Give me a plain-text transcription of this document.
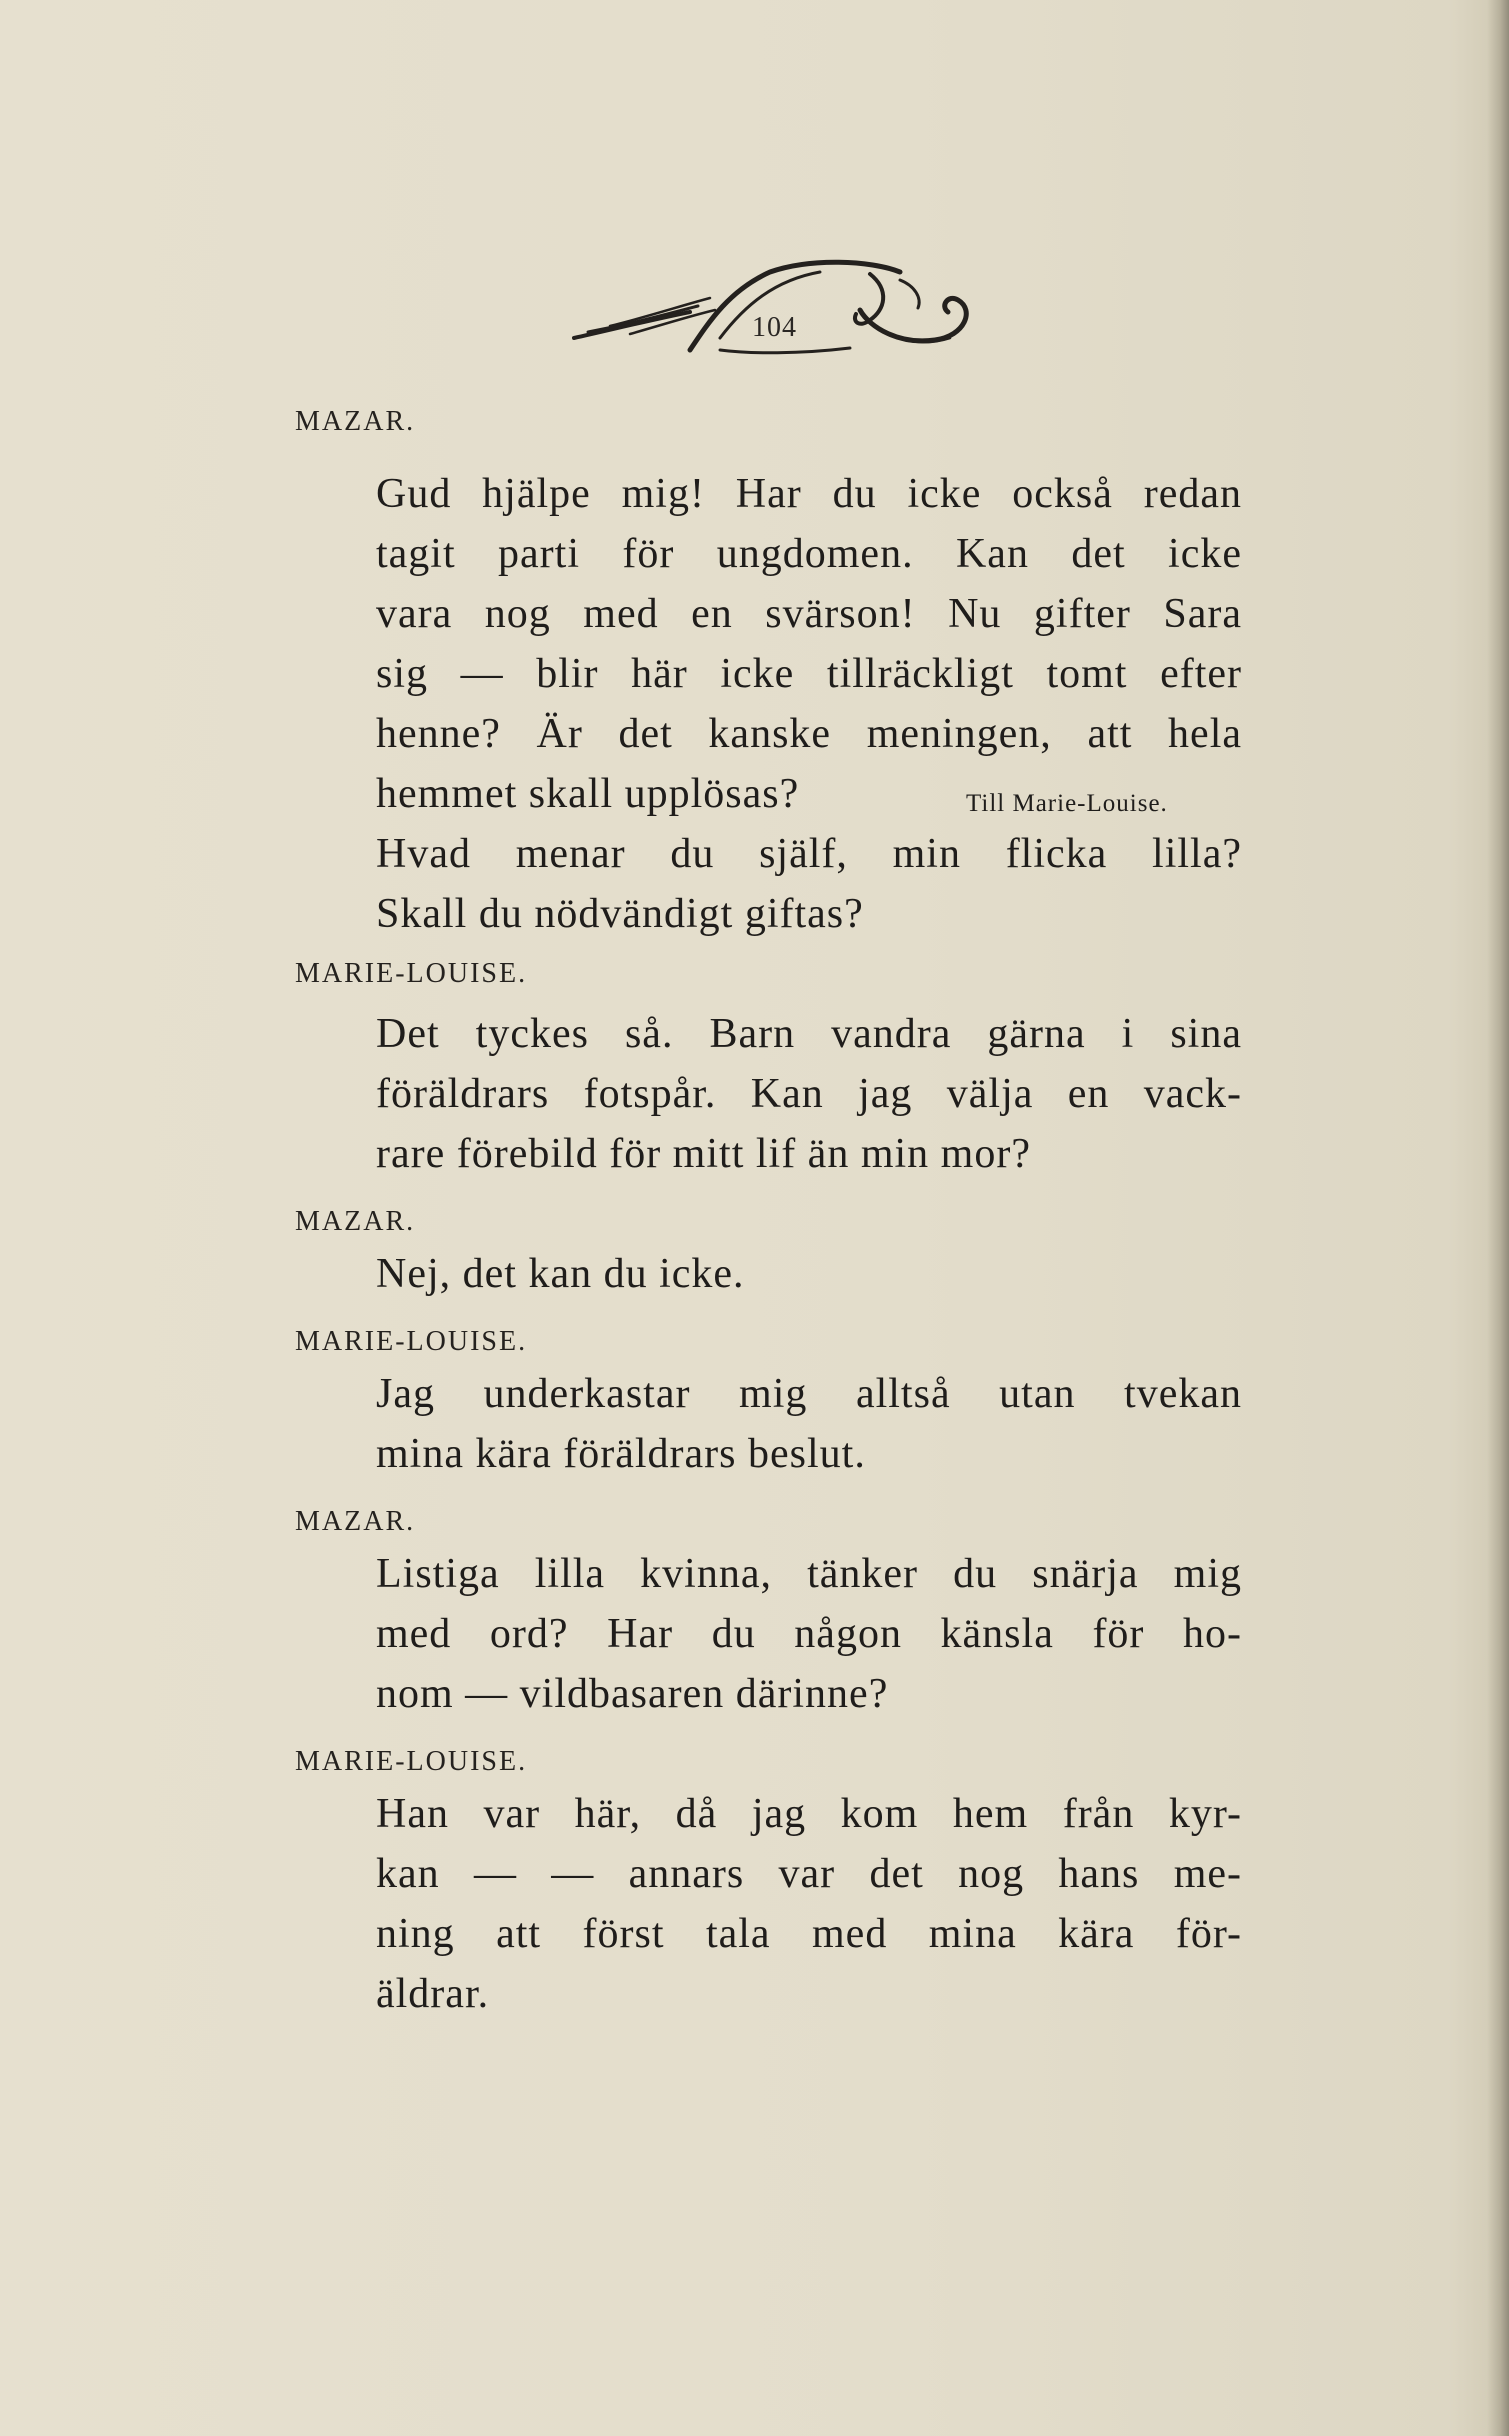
104
MAZAR.
Gud hjälpe mig! Har du icke också redan
tagit parti för ungdomen. Kan det icke
vara nog med en svärson! Nu gifter Sara
sig — blir här icke tillräckligt tomt efter
henne? Är det kanske meningen, att hela
hemmet skall upplösas?	Till Marie-Louise.
Hvad menar du själf, min flicka lilla?
Skall du nödvändigt giftas?
MARIE-LOUISE.
Det tyckes så. Barn vandra gärna i sina
föräldrars fotspår. Kan jag välja en vack-
rare förebild för mitt lif än min mor?
MAZAR.
Nej, det kan du icke.
MARIE-LOUISE.
Jag underkastar mig alltså utan tvekan
mina kära föräldrars beslut.
MAZAR.
Listiga lilla kvinna, tänker du snärja mig
med ord? Har du någon känsla för ho-
nom — vildbasaren därinne?
MARIE-LOUISE.
Han var här, då jag kom hem från kyr-
kan — — annars var det nog hans me-
ning att först tala med mina kära för-
äldrar.
